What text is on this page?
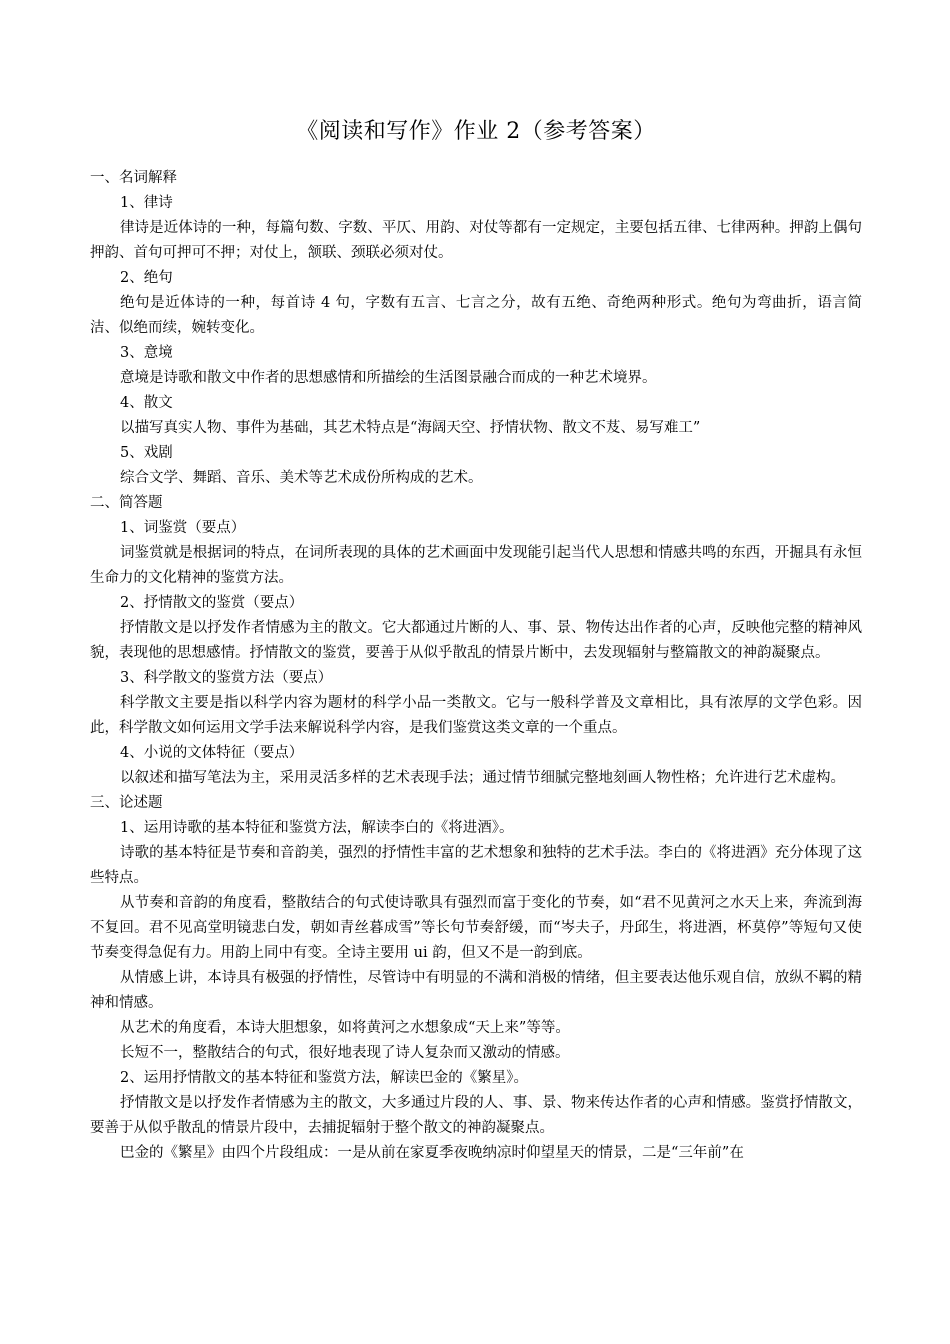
《阅读和写作》作业 2（参考答案）

一、名词解释

1、律诗

律诗是近体诗的一种，每篇句数、字数、平仄、用韵、对仗等都有一定规定，主要包括五律、七律两种。押韵上偶句押韵、首句可押可不押；对仗上，颔联、颈联必须对仗。

2、绝句

绝句是近体诗的一种，每首诗 4 句，字数有五言、七言之分，故有五绝、奇绝两种形式。绝句为弯曲折，语言简洁、似绝而续，婉转变化。

3、意境

意境是诗歌和散文中作者的思想感情和所描绘的生活图景融合而成的一种艺术境界。

4、散文

以描写真实人物、事件为基础，其艺术特点是“海阔天空、抒情状物、散文不芨、易写难工”

5、戏剧

综合文学、舞蹈、音乐、美术等艺术成份所构成的艺术。

二、简答题

1、词鉴赏（要点）

词鉴赏就是根据词的特点，在词所表现的具体的艺术画面中发现能引起当代人思想和情感共鸣的东西，开掘具有永恒生命力的文化精神的鉴赏方法。

2、抒情散文的鉴赏（要点）

抒情散文是以抒发作者情感为主的散文。它大都通过片断的人、事、景、物传达出作者的心声，反映他完整的精神风貌，表现他的思想感情。抒情散文的鉴赏，要善于从似乎散乱的情景片断中，去发现辐射与整篇散文的神韵凝聚点。

3、科学散文的鉴赏方法（要点）

科学散文主要是指以科学内容为题材的科学小品一类散文。它与一般科学普及文章相比，具有浓厚的文学色彩。因此，科学散文如何运用文学手法来解说科学内容，是我们鉴赏这类文章的一个重点。

4、小说的文体特征（要点）

以叙述和描写笔法为主，采用灵活多样的艺术表现手法；通过情节细腻完整地刻画人物性格；允许进行艺术虚构。

三、论述题

1、运用诗歌的基本特征和鉴赏方法，解读李白的《将进酒》。

诗歌的基本特征是节奏和音韵美，强烈的抒情性丰富的艺术想象和独特的艺术手法。李白的《将进酒》充分体现了这些特点。

从节奏和音韵的角度看，整散结合的句式使诗歌具有强烈而富于变化的节奏，如“君不见黄河之水天上来，奔流到海不复回。君不见高堂明镜悲白发，朝如青丝暮成雪”等长句节奏舒缓，而“岑夫子，丹邱生，将进酒，杯莫停”等短句又使节奏变得急促有力。用韵上同中有变。全诗主要用 ui 韵，但又不是一韵到底。

从情感上讲，本诗具有极强的抒情性，尽管诗中有明显的不满和消极的情绪，但主要表达他乐观自信，放纵不羁的精神和情感。

从艺术的角度看，本诗大胆想象，如将黄河之水想象成“天上来”等等。

长短不一，整散结合的句式，很好地表现了诗人复杂而又激动的情感。

2、运用抒情散文的基本特征和鉴赏方法，解读巴金的《繁星》。

抒情散文是以抒发作者情感为主的散文，大多通过片段的人、事、景、物来传达作者的心声和情感。鉴赏抒情散文，要善于从似乎散乱的情景片段中，去捕捉辐射于整个散文的神韵凝聚点。

巴金的《繁星》由四个片段组成：一是从前在家夏季夜晚纳凉时仰望星天的情景，二是“三年前”在
